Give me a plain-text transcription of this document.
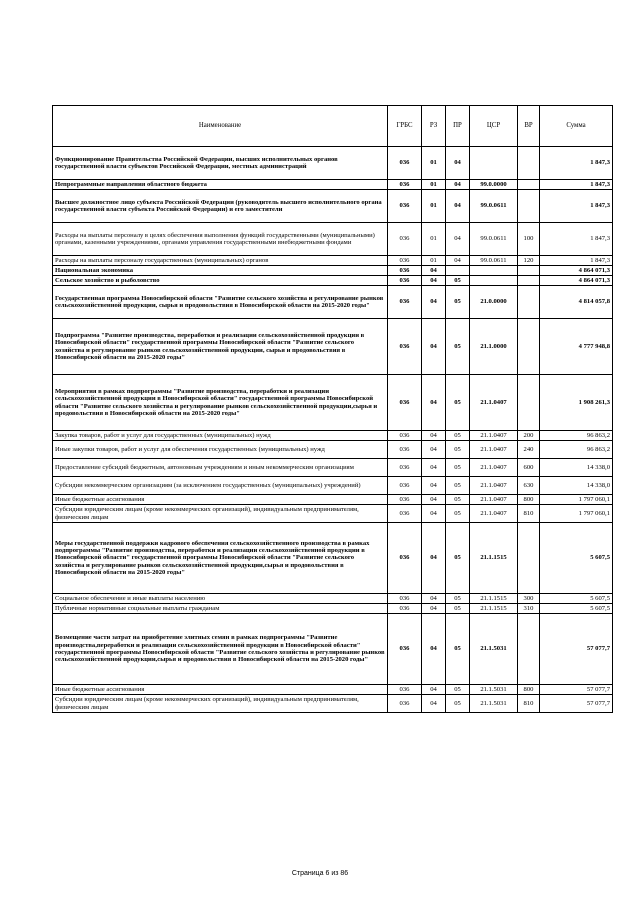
Наименование	ГРБС	РЗ	ПР	ЦСР	ВР	Сумма
Функционирование Правительства Российской Федерации, высших исполнительных органов государственной власти субъектов Российской Федерации, местных администраций	036	01	04			1 847,3
Непрограммные направления областного бюджета	036	01	04	99.0.0000		1 847,3
Высшее должностное лицо субъекта Российской Федерации (руководитель высшего исполнительного органа государственной власти субъекта Российской Федерации) и его заместители	036	01	04	99.0.0611		1 847,3
Расходы на выплаты персоналу в целях обеспечения выполнения функций государственными (муниципальными) органами, казенными учреждениями, органами управления государственными внебюджетными фондами	036	01	04	99.0.0611	100	1 847,3
Расходы на выплаты персоналу государственных (муниципальных) органов	036	01	04	99.0.0611	120	1 847,3
Национальная экономика	036	04				4 864 071,3
Сельское хозяйство и рыболовство	036	04	05			4 864 071,3
Государственная программа Новосибирской области "Развитие сельского хозяйства и регулирование рынков сельскохозяйственной продукции, сырья и продовольствия в Новосибирской области на 2015-2020 годы"	036	04	05	21.0.0000		4 814 057,8
Подпрограмма "Развитие производства, переработки и реализации сельскохозяйственной продукции в Новосибирской области" государственной программы Новосибирской области "Развитие сельского хозяйства и регулирование рынков сельскохозяйственной продукции, сырья и продовольствия в Новосибирской области на 2015-2020 годы"	036	04	05	21.1.0000		4 777 948,8
Мероприятия в рамках подпрограммы "Развитие производства, переработки и реализации сельскохозяйственной продукции в Новосибирской области" государственной программы Новосибирской области "Развитие сельского хозяйства и регулирование рынков сельскохозяйственной продукции,сырья и продовольствия в Новосибирской области на 2015-2020 годы"	036	04	05	21.1.0407		1 908 261,3
Закупка товаров, работ и услуг для государственных (муниципальных) нужд	036	04	05	21.1.0407	200	96 863,2
Иные закупки товаров, работ и услуг для обеспечения государственных (муниципальных) нужд	036	04	05	21.1.0407	240	96 863,2
Предоставление субсидий бюджетным, автономным учреждениям и иным некоммерческим организациям	036	04	05	21.1.0407	600	14 338,0
Субсидии некоммерческим организациям (за исключением государственных (муниципальных) учреждений)	036	04	05	21.1.0407	630	14 338,0
Иные бюджетные ассигнования	036	04	05	21.1.0407	800	1 797 060,1
Субсидии юридическим лицам (кроме некоммерческих организаций), индивидуальным предпринимателям, физическим лицам	036	04	05	21.1.0407	810	1 797 060,1
Меры государственной поддержки кадрового обеспечения сельскохозяйственного производства в рамках подпрограммы "Развитие производства, переработки и реализации сельскохозяйственной продукции в Новосибирской области" государственной программы Новосибирской области "Развитие сельского хозяйства и регулирование рынков сельскохозяйственной продукции,сырья и продовольствия в Новосибирской области на 2015-2020 годы"	036	04	05	21.1.1515		5 607,5
Социальное обеспечение и иные выплаты населению	036	04	05	21.1.1515	300	5 607,5
Публичные нормативные социальные выплаты гражданам	036	04	05	21.1.1515	310	5 607,5
Возмещение части затрат на приобретение элитных семян в рамках подпрограммы "Развитие производства,переработки и реализации сельскохозяйственной продукции в Новосибирской области" государственной программы Новосибирской области "Развитие сельского хозяйства и регулирование рынков сельскохозяйственной продукции,сырья и продовольствия в Новосибирской области на 2015-2020 годы"	036	04	05	21.1.5031		57 077,7
Иные бюджетные ассигнования	036	04	05	21.1.5031	800	57 077,7
Субсидии юридическим лицам (кроме некоммерческих организаций), индивидуальным предпринимателям, физическим лицам	036	04	05	21.1.5031	810	57 077,7
Страница 6 из 86
